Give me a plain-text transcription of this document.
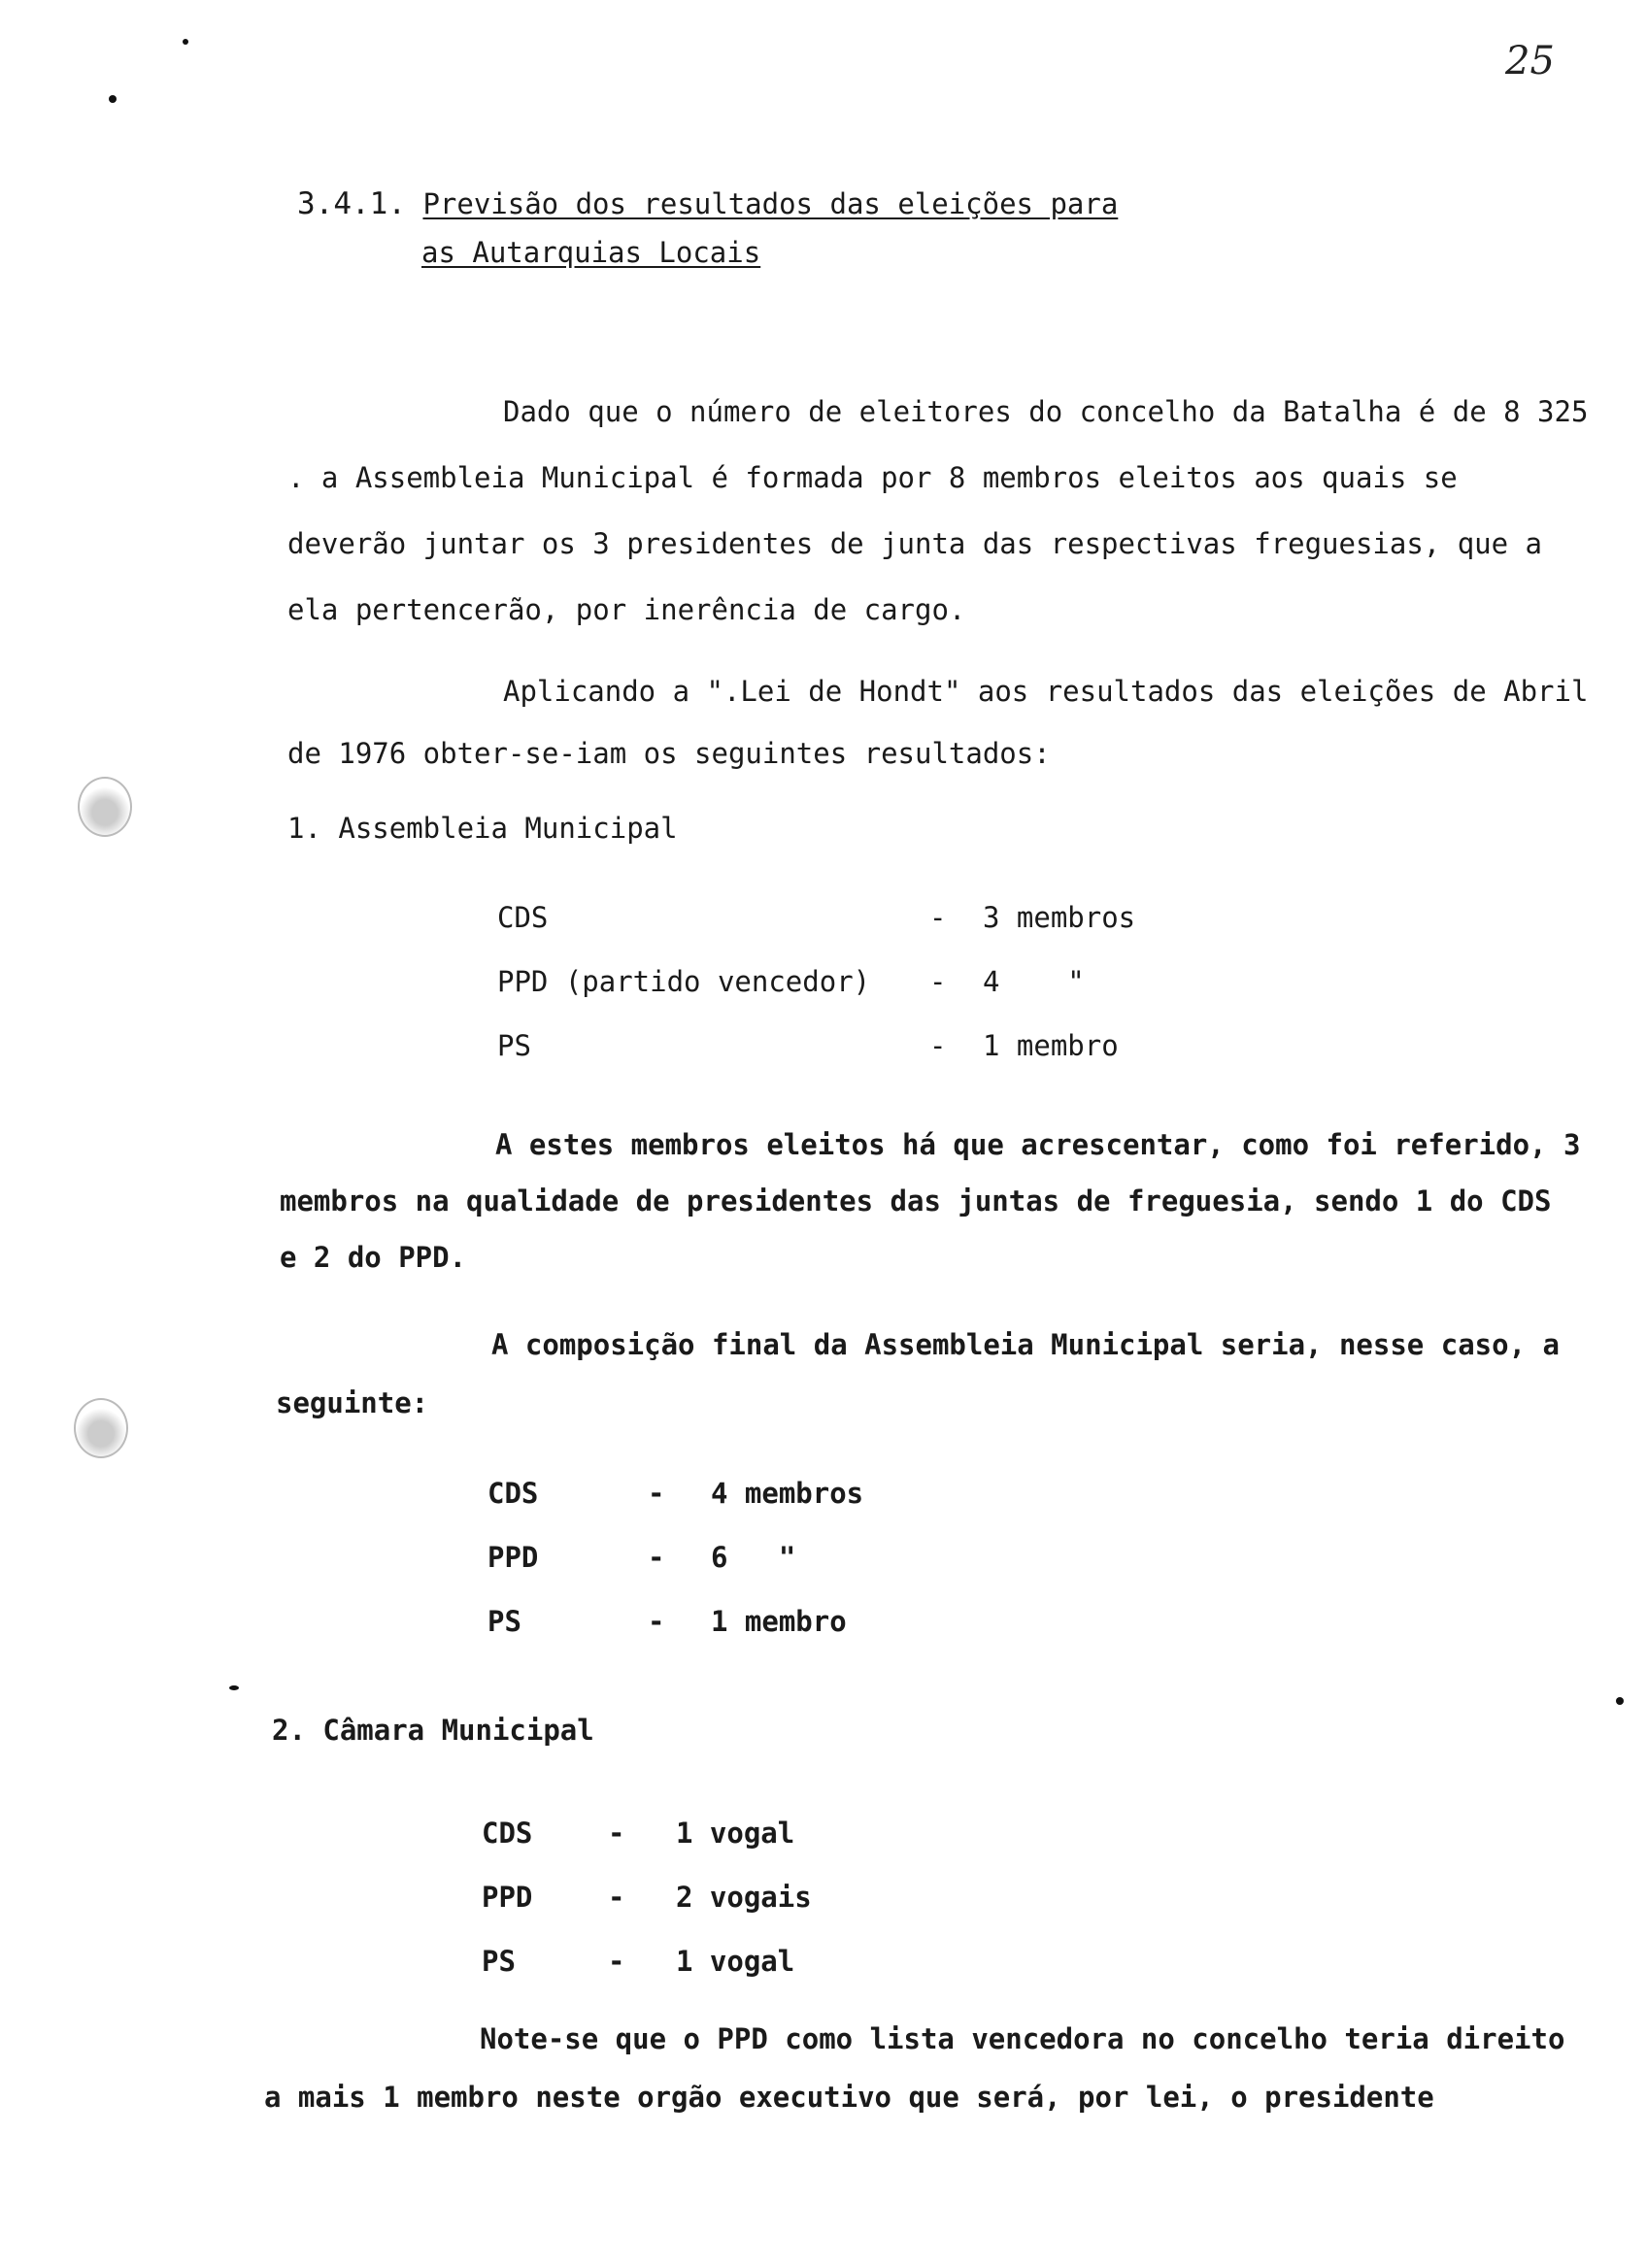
25
3.4.1. Previsão dos resultados das eleições para
as Autarquias Locais
Dado que o número de eleitores do concelho da Batalha é de 8 325 . a Assembleia Municipal é formada por 8 membros eleitos aos quais se deverão juntar os 3 presidentes de junta das respectivas freguesias, que a ela pertencerão, por inerência de cargo.
Aplicando a ".Lei de Hondt" aos resultados das eleições de Abril de 1976 obter-se-iam os seguintes resultados:
1. Assembleia Municipal
CDS	-	3 membros
PPD (partido vencedor)	-	4    "
PS	-	1 membro
A estes membros eleitos há que acrescentar, como foi referido, 3 membros na qualidade de presidentes das juntas de freguesia, sendo 1 do CDS e 2 do PPD.
A composição final da Assembleia Municipal seria, nesse caso, a seguinte:
CDS	-	4 membros
PPD	-	6   "
PS	-	1 membro
2. Câmara Municipal
CDS	-	1 vogal
PPD	-	2 vogais
PS	-	1 vogal
Note-se que o PPD como lista vencedora no concelho teria direito a mais 1 membro neste orgão executivo que será, por lei, o presidente
